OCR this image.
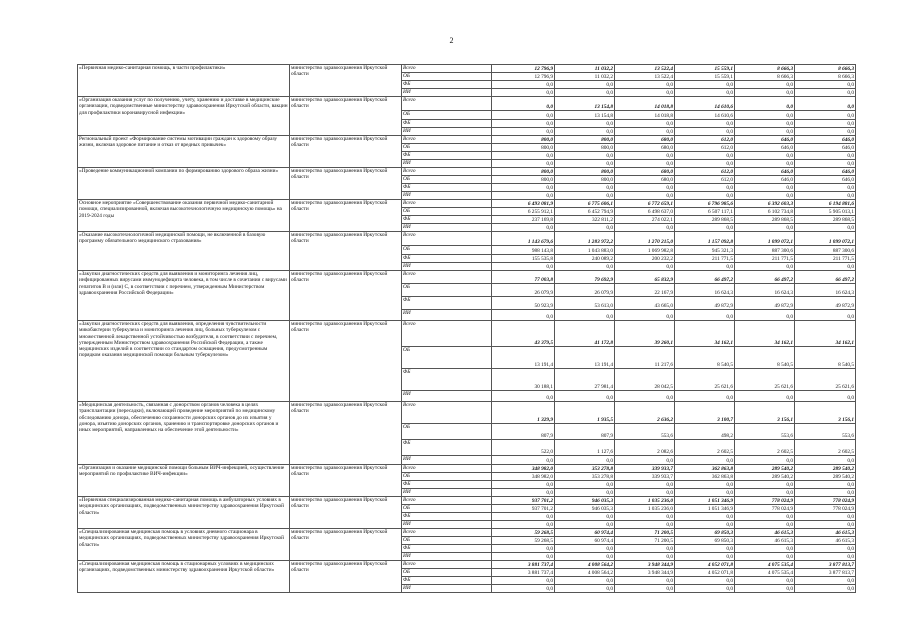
2
«Первичная медико-санитарная помощь, в части профилактики»	министерство здравоохранения Иркутской области	Всего	12 796,9	11 032,2	13 522,4	15 559,1	8 666,3	8 666,3
		ОБ	12 796,9	11 032,2	13 522,4	15 559,1	8 666,3	8 666,3
		ФБ	0,0	0,0	0,0	0,0	0,0	0,0
		ИИ	0,0	0,0	0,0	0,0	0,0	0,0
«Организация оказания услуг по получению, учету, хранению и доставке в медицинские организации, подведомственные министерству здравоохранения Иркутской области, вакцин для профилактики коронавирусной инфекции»	министерство здравоохранения Иркутской области	Всего	0,0	13 154,8	14 018,8	14 610,6	0,0	0,0
		ОБ	0,0	13 154,8	14 018,8	14 610,6	0,0	0,0
		ФБ	0,0	0,0	0,0	0,0	0,0	0,0
		ИИ	0,0	0,0	0,0	0,0	0,0	0,0
Региональный проект «Формирование системы мотивации граждан к здоровому образу жизни, включая здоровое питание и отказ от вредных привычек»	министерство здравоохранения Иркутской области	Всего	800,0	800,0	680,0	612,0	646,0	646,0
		ОБ	800,0	800,0	680,0	612,0	646,0	646,0
		ФБ	0,0	0,0	0,0	0,0	0,0	0,0
		ИИ	0,0	0,0	0,0	0,0	0,0	0,0
«Проведение коммуникационной компании по формированию здорового образа жизни»	министерство здравоохранения Иркутской области	Всего	800,0	800,0	680,0	612,0	646,0	646,0
		ОБ	800,0	800,0	680,0	612,0	646,0	646,0
		ФБ	0,0	0,0	0,0	0,0	0,0	0,0
		ИИ	0,0	0,0	0,0	0,0	0,0	0,0
Основное мероприятие «Совершенствование оказания первичной медико-санитарной помощи, специализированной, включая высокотехнологичную медицинскую помощь» на 2019-2024 годы	министерство здравоохранения Иркутской области	Всего	6 493 081,9	6 775 606,1	6 772 659,1	6 796 985,6	6 392 603,3	6 194 881,6
		ОБ	6 255 912,1	6 452 794,9	6 498 637,0	6 507 117,1	6 102 734,8	5 905 013,1
		ФБ	237 169,8	322 811,2	274 022,1	289 868,5	289 868,5	289 868,5
		ИИ	0,0	0,0	0,0	0,0	0,0	0,0
«Оказание высокотехнологичной медицинской помощи, не включенной в базовую программу обязательного медицинского страхования»	министерство здравоохранения Иркутской области	Всего	1 143 679,6	1 283 972,2	1 270 215,0	1 157 092,8	1 099 072,1	1 099 072,1
		ОБ	988 143,8	1 043 883,0	1 069 982,8	945 321,3	887 300,6	887 300,6
		ФБ	155 535,8	240 089,2	200 232,2	211 771,5	211 771,5	211 771,5
		ИИ	0,0	0,0	0,0	0,0	0,0	0,0
«Закупки диагностических средств для выявления и мониторинга лечения лиц, инфицированных вирусами иммунодефицита человека, в том числе в сочетании с вирусами гепатитов В и (или) С, в соответствии с перечнем, утвержденным Министерством здравоохранения Российской Федерации»	министерство здравоохранения Иркутской области	Всего	77 003,8	79 692,9	65 832,9	66 497,2	66 497,2	66 497,2
		ОБ	26 079,9	26 079,9	22 167,9	16 624,3	16 624,3	16 624,3
		ФБ	50 923,9	53 613,0	43 665,0	49 872,9	49 872,9	49 872,9
		ИИ	0,0	0,0	0,0	0,0	0,0	0,0
«Закупки диагностических средств для выявления, определения чувствительности микобактерии туберкулеза и мониторинга лечения лиц, больных туберкулезом с множественной лекарственной устойчивостью возбудителя, в соответствии с перечнем, утвержденным Министерством здравоохранения Российской Федерации, а также медицинских изделий в соответствии со стандартом оснащения, предусмотренным порядком оказания медицинской помощи больным туберкулезом»	министерство здравоохранения Иркутской области	Всего	43 379,5	41 172,8	39 260,1	34 162,1	34 162,1	34 162,1
		ОБ	13 191,4	13 191,4	11 217,6	8 540,5	8 540,5	8 540,5
		ФБ	30 188,1	27 981,4	28 042,5	25 621,6	25 621,6	25 621,6
		ИИ	0,0	0,0	0,0	0,0	0,0	0,0
«Медицинская деятельность, связанная с донорством органов человека в целях трансплантации (пересадки), включающей проведение мероприятий по медицинскому обследованию донора, обеспечению сохранности донорских органов до их изъятия у донора, изъятию донорских органов, хранению и транспортировке донорских органов и иных мероприятий, направленных на обеспечение этой деятельности»	министерство здравоохранения Иркутской области	Всего	1 329,9	1 935,5	2 636,2	3 100,7	3 156,1	3 156,1
		ОБ	807,9	807,9	553,6	498,2	553,6	553,6
		ФБ	522,0	1 127,6	2 082,6	2 602,5	2 602,5	2 602,5
		ИИ	0,0	0,0	0,0	0,0	0,0	0,0
«Организация и оказание медицинской помощи больным ВИЧ-инфекцией, осуществление мероприятий по профилактике ВИЧ-инфекции»	министерство здравоохранения Иркутской области	Всего	348 982,0	353 278,8	339 933,7	362 863,8	289 540,2	289 540,2
		ОБ	348 982,0	353 278,8	339 933,7	362 863,8	289 540,2	289 540,2
		ФБ	0,0	0,0	0,0	0,0	0,0	0,0
		ИИ	0,0	0,0	0,0	0,0	0,0	0,0
«Первичная специализированная медико-санитарная помощь в амбулаторных условиях в медицинских организациях, подведомственных министерству здравоохранения Иркутской области»	министерство здравоохранения Иркутской области	Всего	937 701,2	946 035,3	1 035 236,0	1 051 346,9	778 024,9	778 024,9
		ОБ	937 701,2	946 035,3	1 035 236,0	1 051 346,9	778 024,9	778 024,9
		ФБ	0,0	0,0	0,0	0,0	0,0	0,0
		ИИ	0,0	0,0	0,0	0,0	0,0	0,0
«Специализированная медицинская помощь в условиях дневного стационара в медицинских организациях, подведомственных министерству здравоохранения Иркутской области»	министерство здравоохранения Иркутской области	Всего	59 268,5	60 974,4	71 200,5	69 850,3	46 615,3	46 615,3
		ОБ	59 268,5	60 974,4	71 200,5	69 850,3	46 615,3	46 615,3
		ФБ	0,0	0,0	0,0	0,0	0,0	0,0
		ИИ	0,0	0,0	0,0	0,0	0,0	0,0
«Специализированная медицинская помощь в стационарных условиях в медицинских организациях, подведомственных министерству здравоохранения Иркутской области»	министерство здравоохранения Иркутской области	Всего	3 881 737,4	4 008 564,2	3 948 344,9	4 052 071,8	4 075 535,4	3 877 813,7
		ОБ	3 881 737,4	4 008 564,2	3 948 344,9	4 052 071,8	4 075 535,4	3 877 813,7
		ФБ	0,0	0,0	0,0	0,0	0,0	0,0
		ИИ	0,0	0,0	0,0	0,0	0,0	0,0
